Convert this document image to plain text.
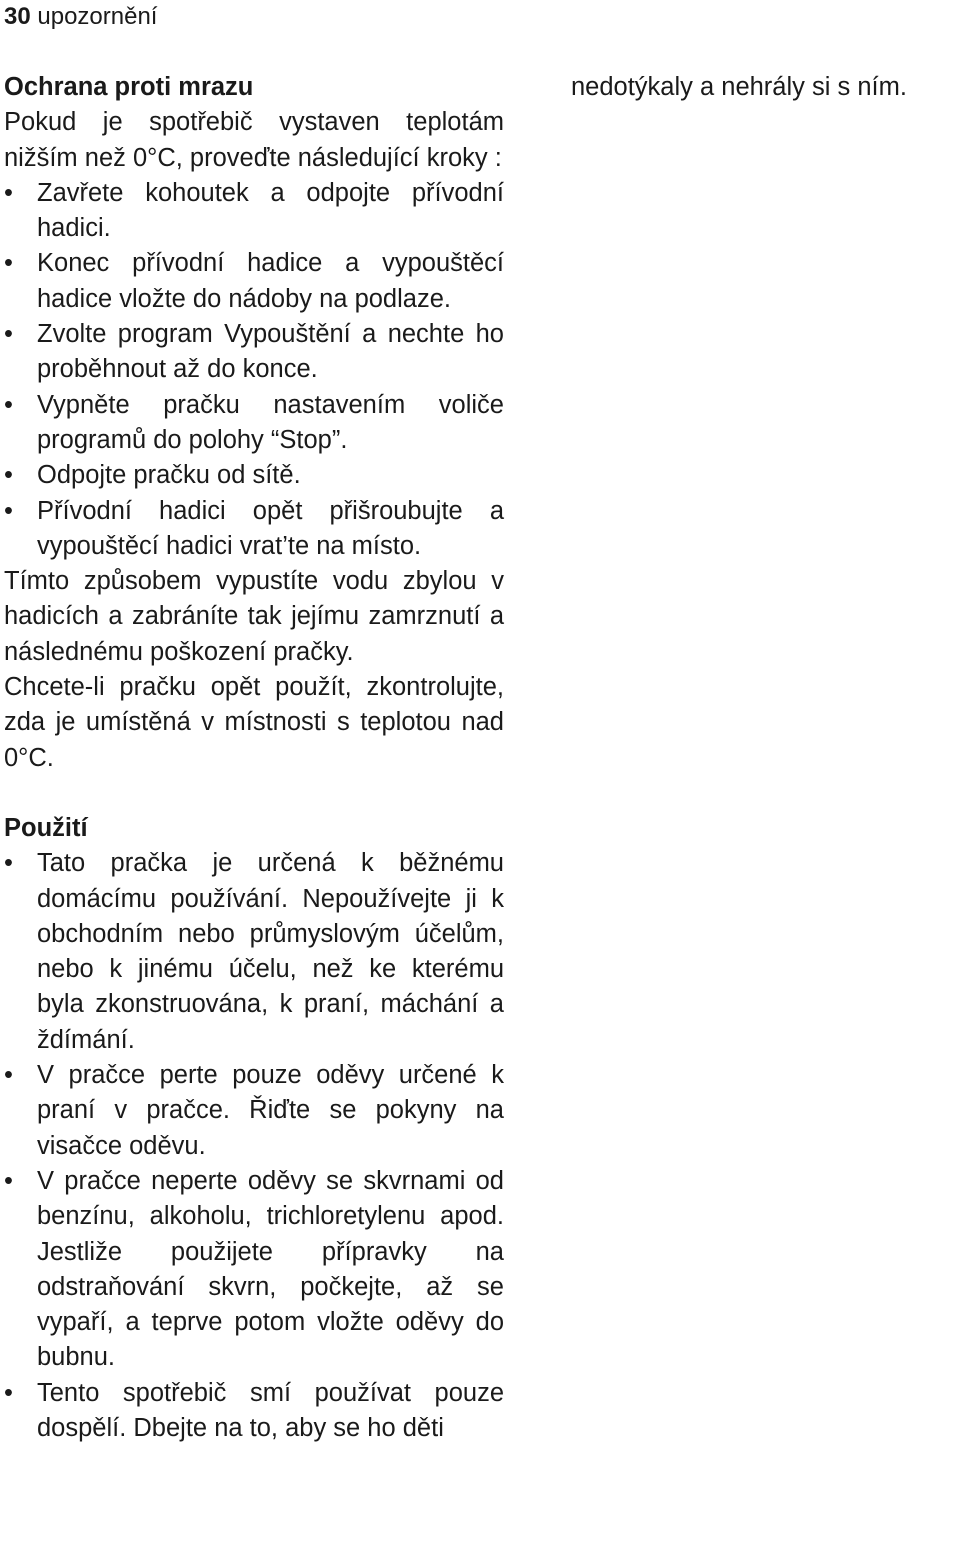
30 upozornění
Ochrana proti mrazu

Pokud je spotřebič vystaven teplotám nižším než 0°C, proveďte následující kroky :

• Zavřete kohoutek a odpojte přívodní hadici.
• Konec přívodní hadice a vypouštěcí hadice vložte do nádoby na podlaze.
• Zvolte program Vypouštění a nechte ho proběhnout až do konce.
• Vypněte pračku nastavením voliče programů do polohy “Stop”.
• Odpojte pračku od sítě.
• Přívodní hadici opět přišroubujte a vypouštěcí hadici vrat’te na místo.

Tímto způsobem vypustíte vodu zbylou v hadicích a zabráníte tak jejímu zamrznutí a následnému poškození pračky.

Chcete-li pračku opět použít, zkontrolujte, zda je umístěná v místnosti s teplotou nad 0°C.

Použití
• Tato pračka je určená k běžnému domácímu používání. Nepoužívejte ji k obchodním nebo průmyslovým účelům, nebo k jinému účelu, než ke kterému byla zkonstruována, k praní, máchání a ždímání.
• V pračce perte pouze oděvy určené k praní v pračce. Řiďte se pokyny na visačce oděvu.
• V pračce neperte oděvy se skvrnami od benzínu, alkoholu, trichloretylenu apod. Jestliže použijete přípravky na odstraňování skvrn, počkejte, až se vypaří, a teprve potom vložte oděvy do bubnu.
• Tento spotřebič smí používat pouze dospělí. Dbejte na to, aby se ho děti

nedotýkaly a nehrály si s ním.
